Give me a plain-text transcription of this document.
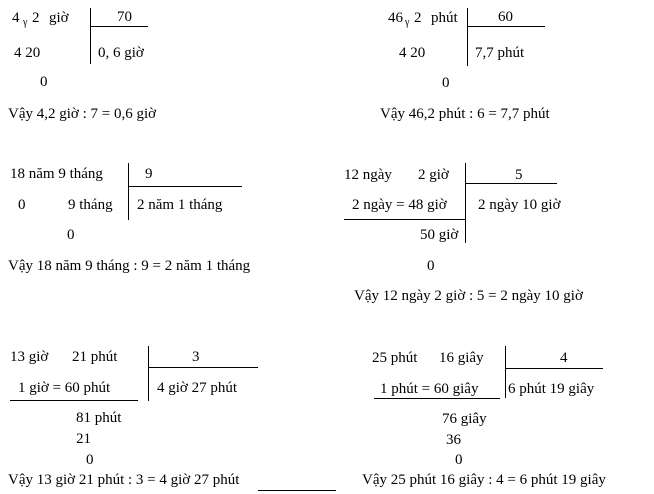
4 γ 2 giờ	70
4 20	0, 6 giờ
0
Vậy 4,2 giờ : 7 = 0,6 giờ
46 γ 2 phút	60
4 20	7,7 phút
0
Vậy 46,2 phút : 6 = 7,7 phút
18 năm 9 tháng	9
0	9 tháng 2 năm 1 tháng
0
Vậy 18 năm 9 tháng : 9 = 2 năm 1 tháng
12 ngày 2 giờ	5
2 ngày = 48 giờ 2 ngày 10 giờ
50 giờ
0
Vậy 12 ngày 2 giờ : 5 = 2 ngày 10 giờ
13 giờ 21 phút	3
1 giờ = 60 phút	4 giờ 27 phút
81 phút
21
0
Vậy 13 giờ 21 phút : 3 = 4 giờ 27 phút
25 phút 16 giây	4
1 phút = 60 giây 6 phút 19 giây
76 giây
36
0
Vậy 25 phút 16 giây : 4 = 6 phút 19 giây
